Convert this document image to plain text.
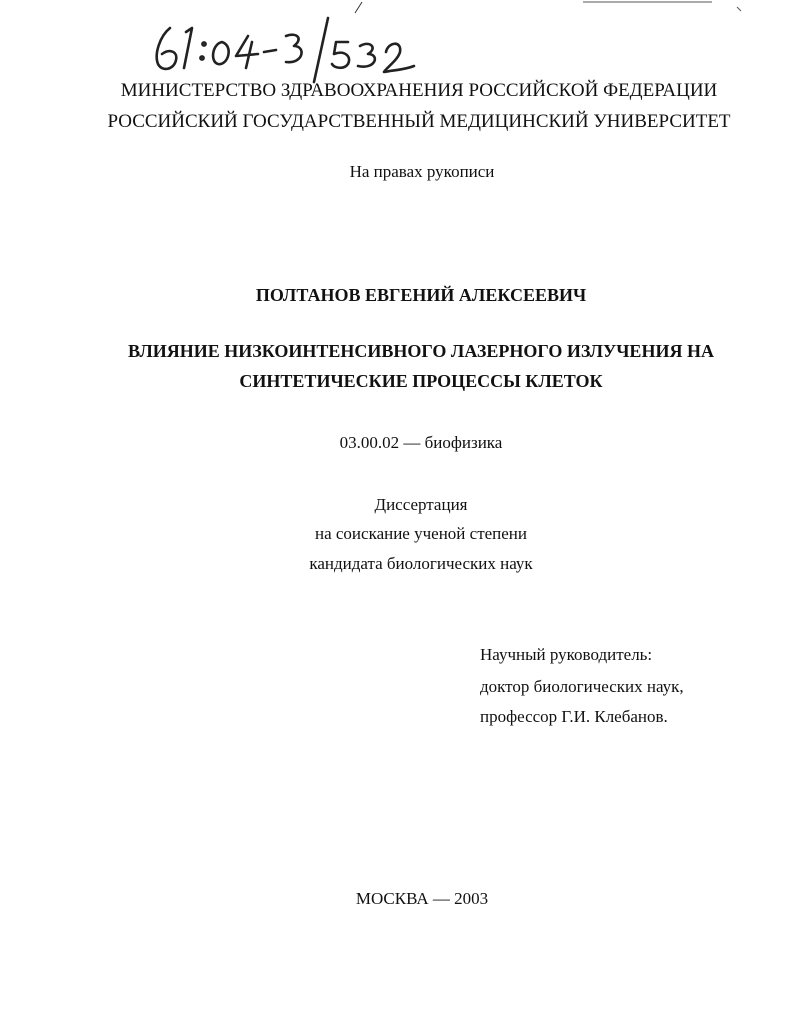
МИНИСТЕРСТВО ЗДРАВООХРАНЕНИЯ РОССИЙСКОЙ ФЕДЕРАЦИИ
РОССИЙСКИЙ ГОСУДАРСТВЕННЫЙ МЕДИЦИНСКИЙ УНИВЕРСИТЕТ
На правах рукописи
ПОЛТАНОВ ЕВГЕНИЙ АЛЕКСЕЕВИЧ
ВЛИЯНИЕ НИЗКОИНТЕНСИВНОГО ЛАЗЕРНОГО ИЗЛУЧЕНИЯ НА
СИНТЕТИЧЕСКИЕ ПРОЦЕССЫ КЛЕТОК
03.00.02 — биофизика
Диссертация
на соискание ученой степени
кандидата биологических наук
Научный руководитель:
доктор биологических наук,
профессор Г.И. Клебанов.
МОСКВА — 2003
